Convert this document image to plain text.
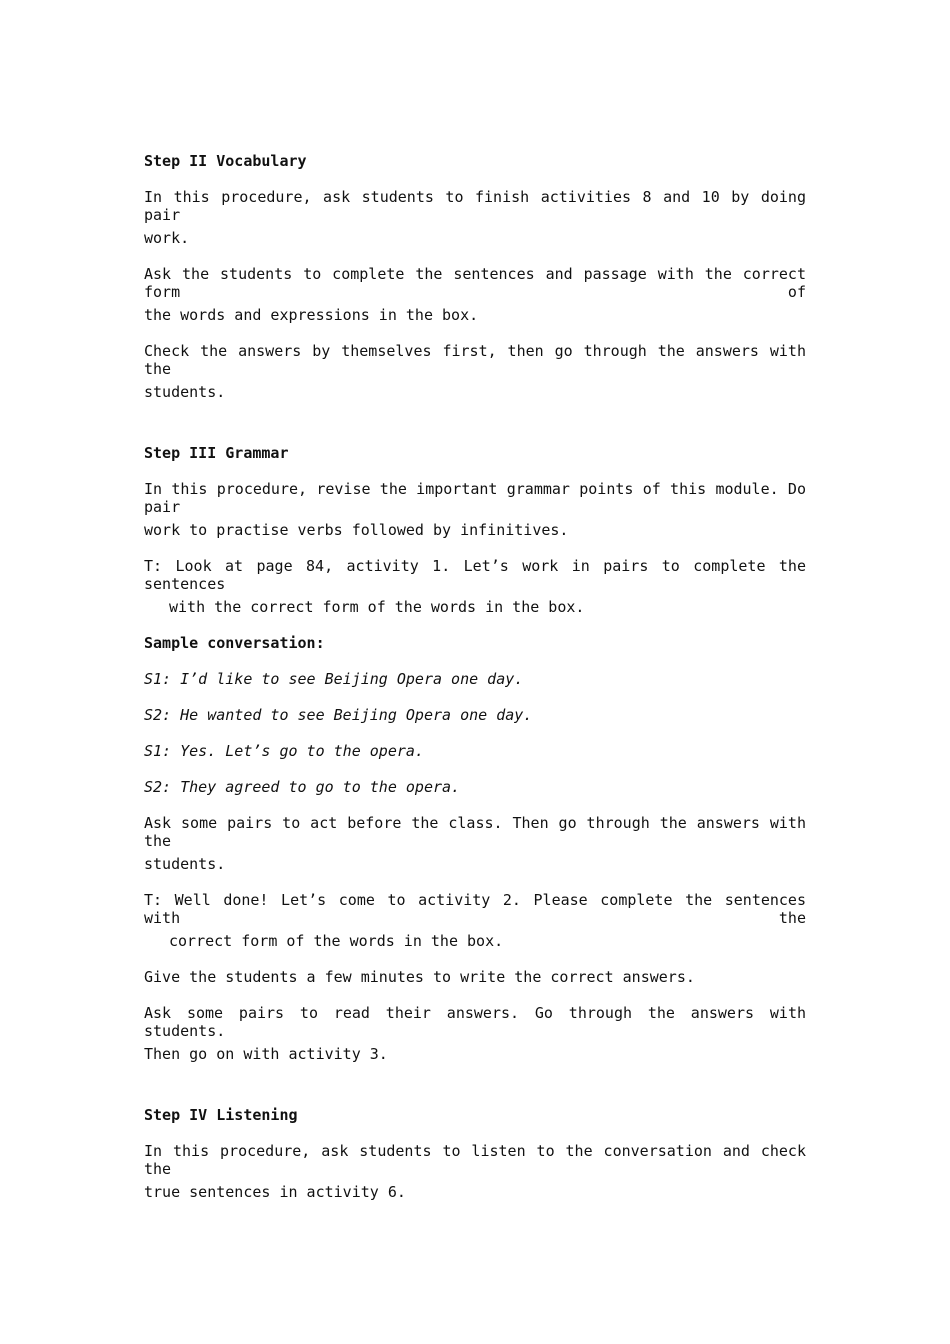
Step II Vocabulary
In this procedure, ask students to finish activities 8 and 10 by doing pair
work.
Ask the students to complete the sentences and passage with the correct form of
the words and expressions in the box.
Check the answers by themselves first, then go through the answers with the
students.
Step III Grammar
In this procedure, revise the important grammar points of this module. Do pair
work to practise verbs followed by infinitives.
T: Look at page 84, activity 1. Let’s work in pairs to complete the sentences
with the correct form of the words in the box.
Sample conversation:
S1: I’d like to see Beijing Opera one day.
S2: He wanted to see Beijing Opera one day.
S1: Yes. Let’s go to the opera.
S2: They agreed to go to the opera.
Ask some pairs to act before the class. Then go through the answers with the
students.
T: Well done! Let’s come to activity 2. Please complete the sentences with the
correct form of the words in the box.
Give the students a few minutes to write the correct answers.
Ask some pairs to read their answers. Go through the answers with students.
Then go on with activity 3.
Step IV Listening
In this procedure, ask students to listen to the conversation and check the
true sentences in activity 6.
